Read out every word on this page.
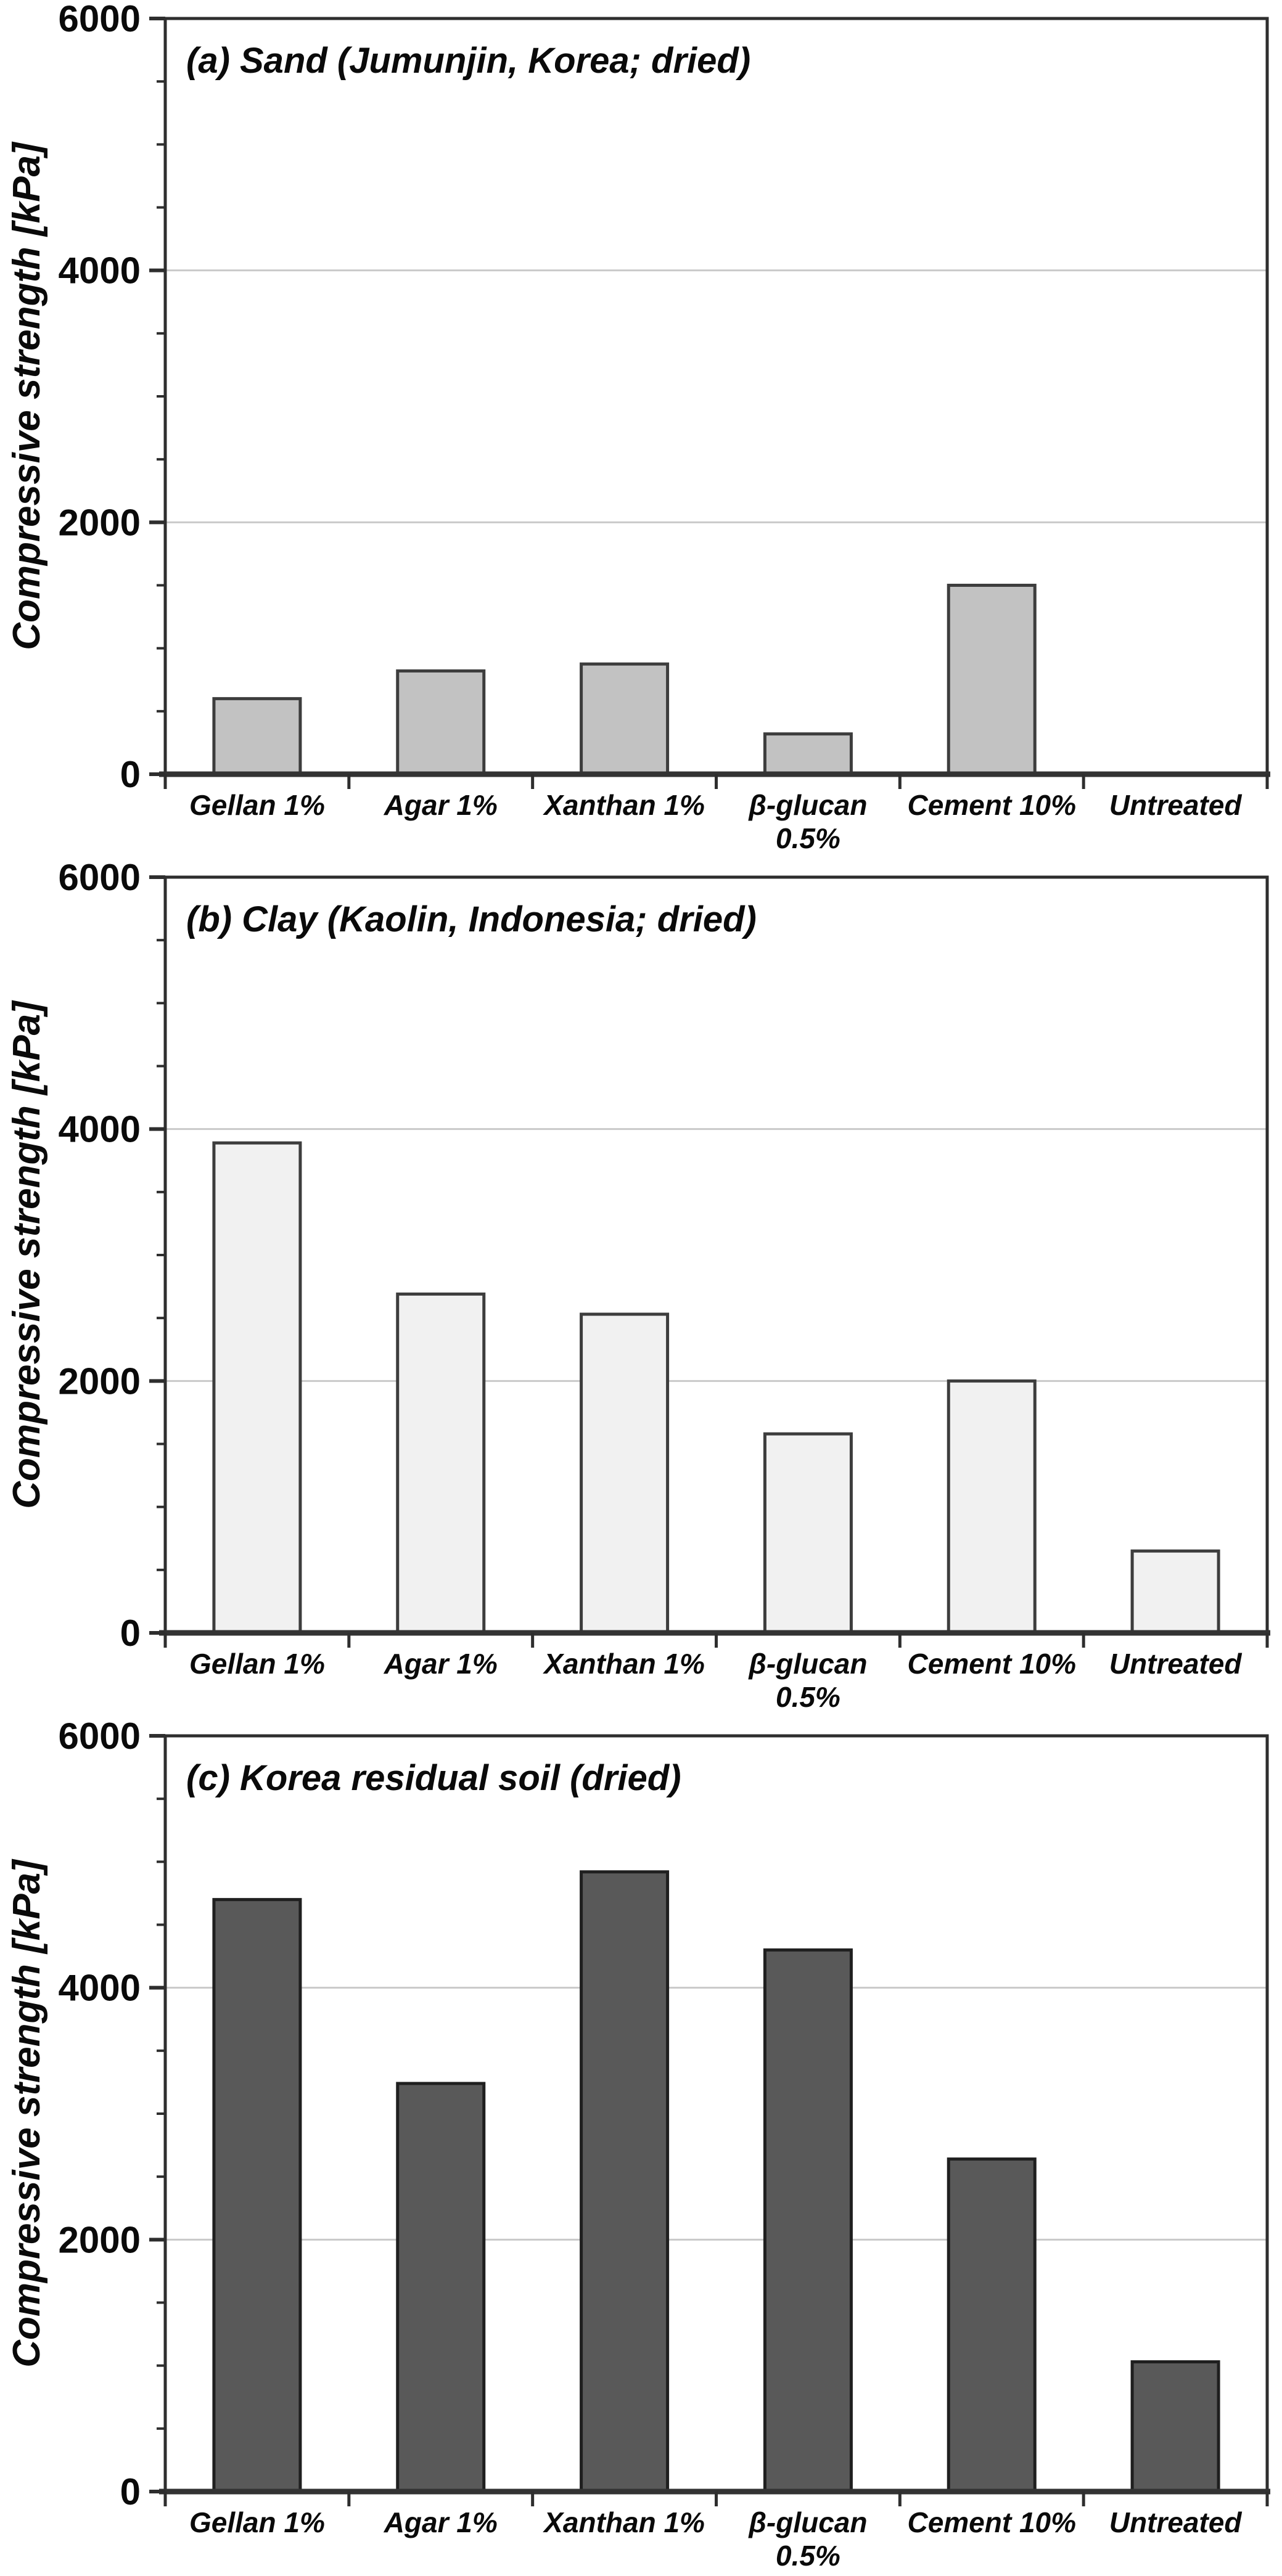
0
2000
4000
6000
Gellan 1% Agar 1% Xanthan 1% β-glucan
0.5%
Cement 10% Untreated
(a) Sand (Jumunjin, Korea; dried)
Compressive strength [kPa]
0
2000
4000
6000
Gellan 1% Agar 1% Xanthan 1% β-glucan
0.5%
Cement 10% Untreated
(b) Clay (Kaolin, Indonesia; dried)
Compressive strength [kPa]
0
2000
4000
6000
Gellan 1% Agar 1% Xanthan 1% β-glucan
0.5%
Cement 10% Untreated
(c) Korea residual soil (dried)
Compressive strength [kPa]
